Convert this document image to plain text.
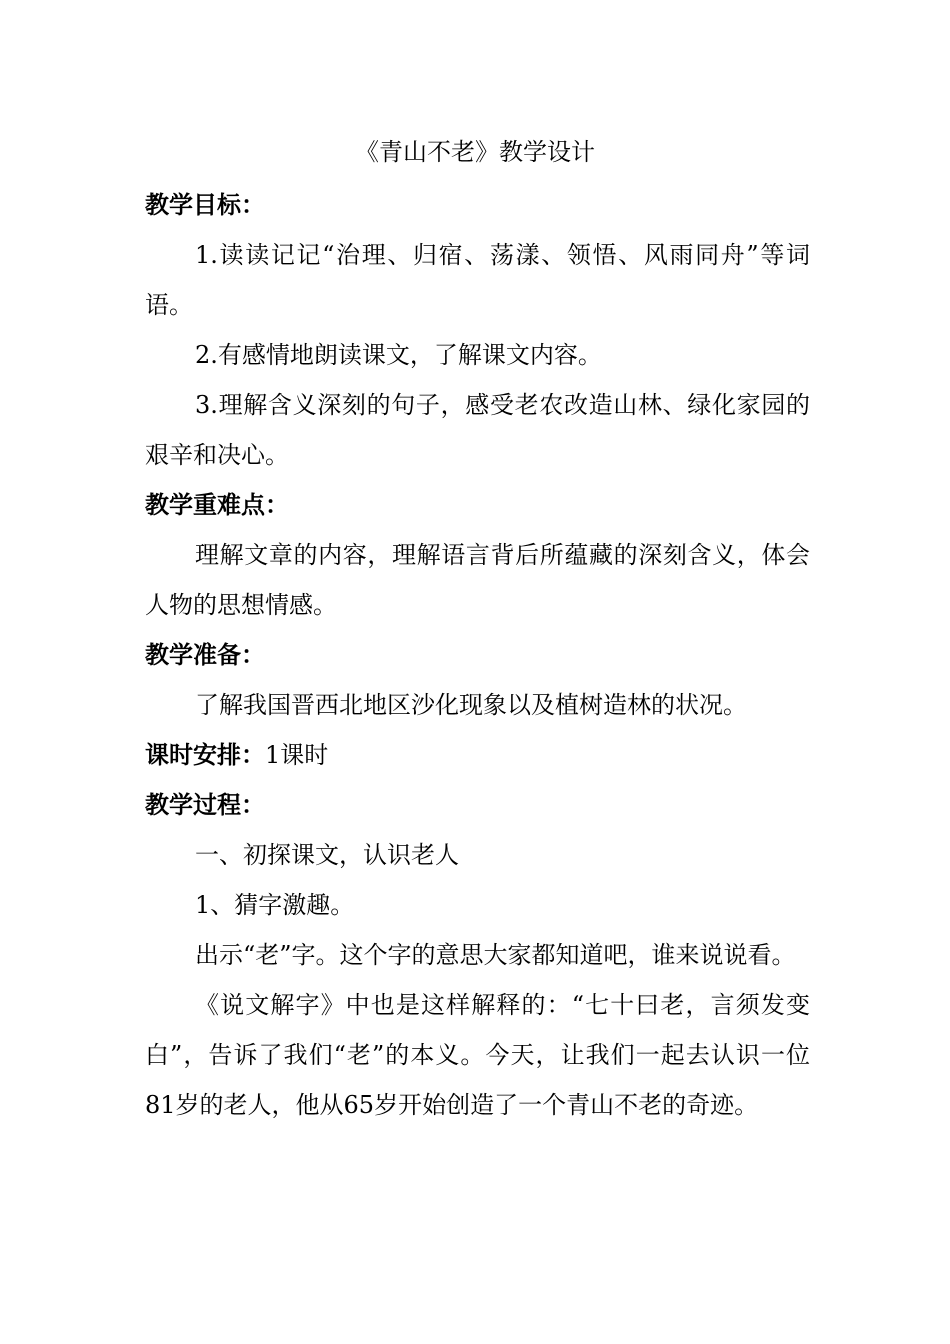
《青山不老》教学设计

教学目标：

1.读读记记“治理、归宿、荡漾、领悟、风雨同舟”等词语。

2.有感情地朗读课文，了解课文内容。

3.理解含义深刻的句子，感受老农改造山林、绿化家园的艰辛和决心。

教学重难点：

理解文章的内容，理解语言背后所蕴藏的深刻含义，体会人物的思想情感。

教学准备：

了解我国晋西北地区沙化现象以及植树造林的状况。

课时安排：1课时

教学过程：

一、初探课文，认识老人

1、猜字激趣。

出示“老”字。这个字的意思大家都知道吧，谁来说说看。

《说文解字》中也是这样解释的：“七十曰老，言须发变白”，告诉了我们“老”的本义。今天，让我们一起去认识一位81岁的老人，他从65岁开始创造了一个青山不老的奇迹。
